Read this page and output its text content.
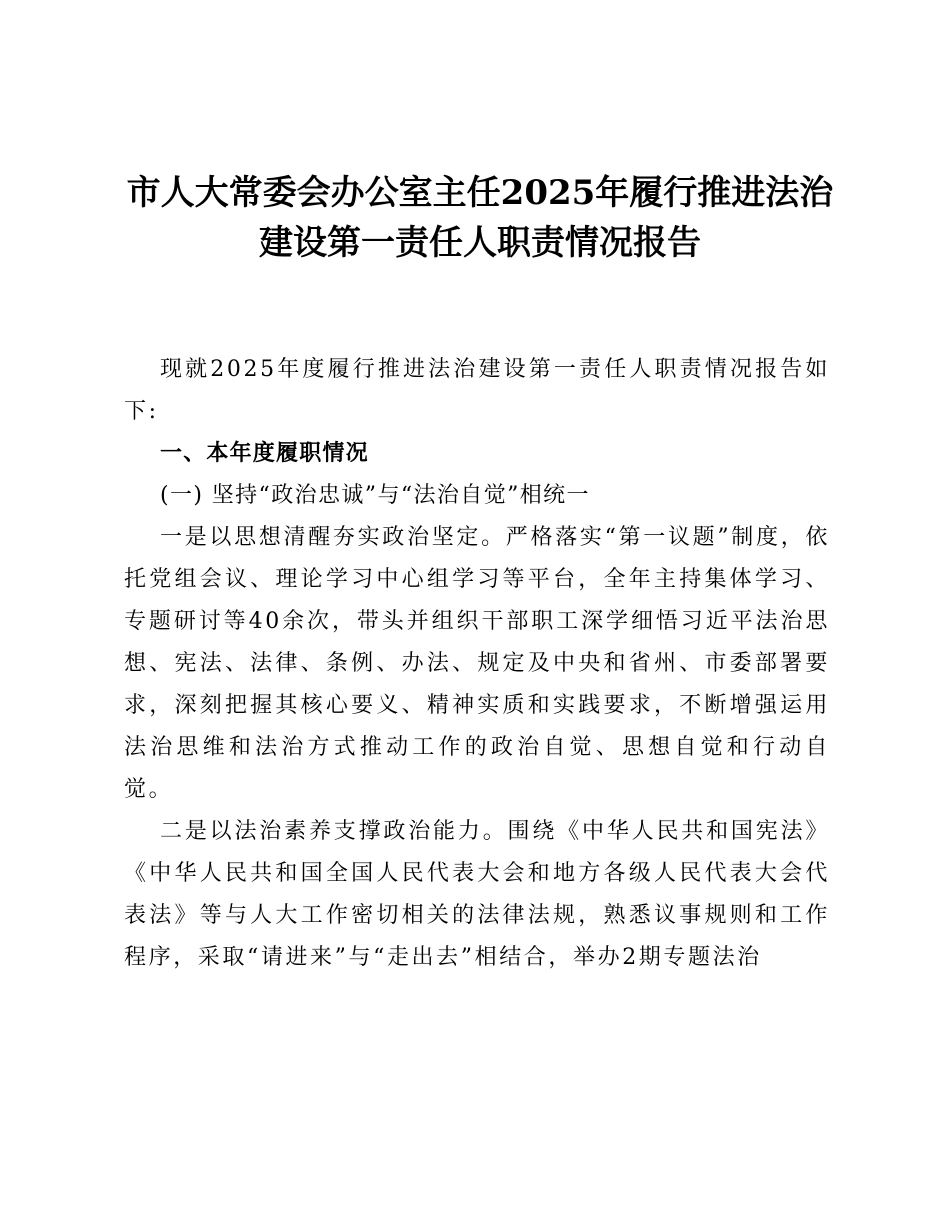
市人大常委会办公室主任2025年履行推进法治
建设第一责任人职责情况报告

现就2025年度履行推进法治建设第一责任人职责情况报告如下:

一、本年度履职情况

(一) 坚持“政治忠诚”与“法治自觉”相统一

一是以思想清醒夯实政治坚定。严格落实“第一议题”制度，依托党组会议、理论学习中心组学习等平台，全年主持集体学习、专题研讨等40余次，带头并组织干部职工深学细悟习近平法治思想、宪法、法律、条例、办法、规定及中央和省州、市委部署要求，深刻把握其核心要义、精神实质和实践要求，不断增强运用法治思维和法治方式推动工作的政治自觉、思想自觉和行动自觉。

二是以法治素养支撑政治能力。围绕《中华人民共和国宪法》《中华人民共和国全国人民代表大会和地方各级人民代表大会代表法》等与人大工作密切相关的法律法规，熟悉议事规则和工作程序，采取“请进来”与“走出去”相结合，举办2期专题法治
